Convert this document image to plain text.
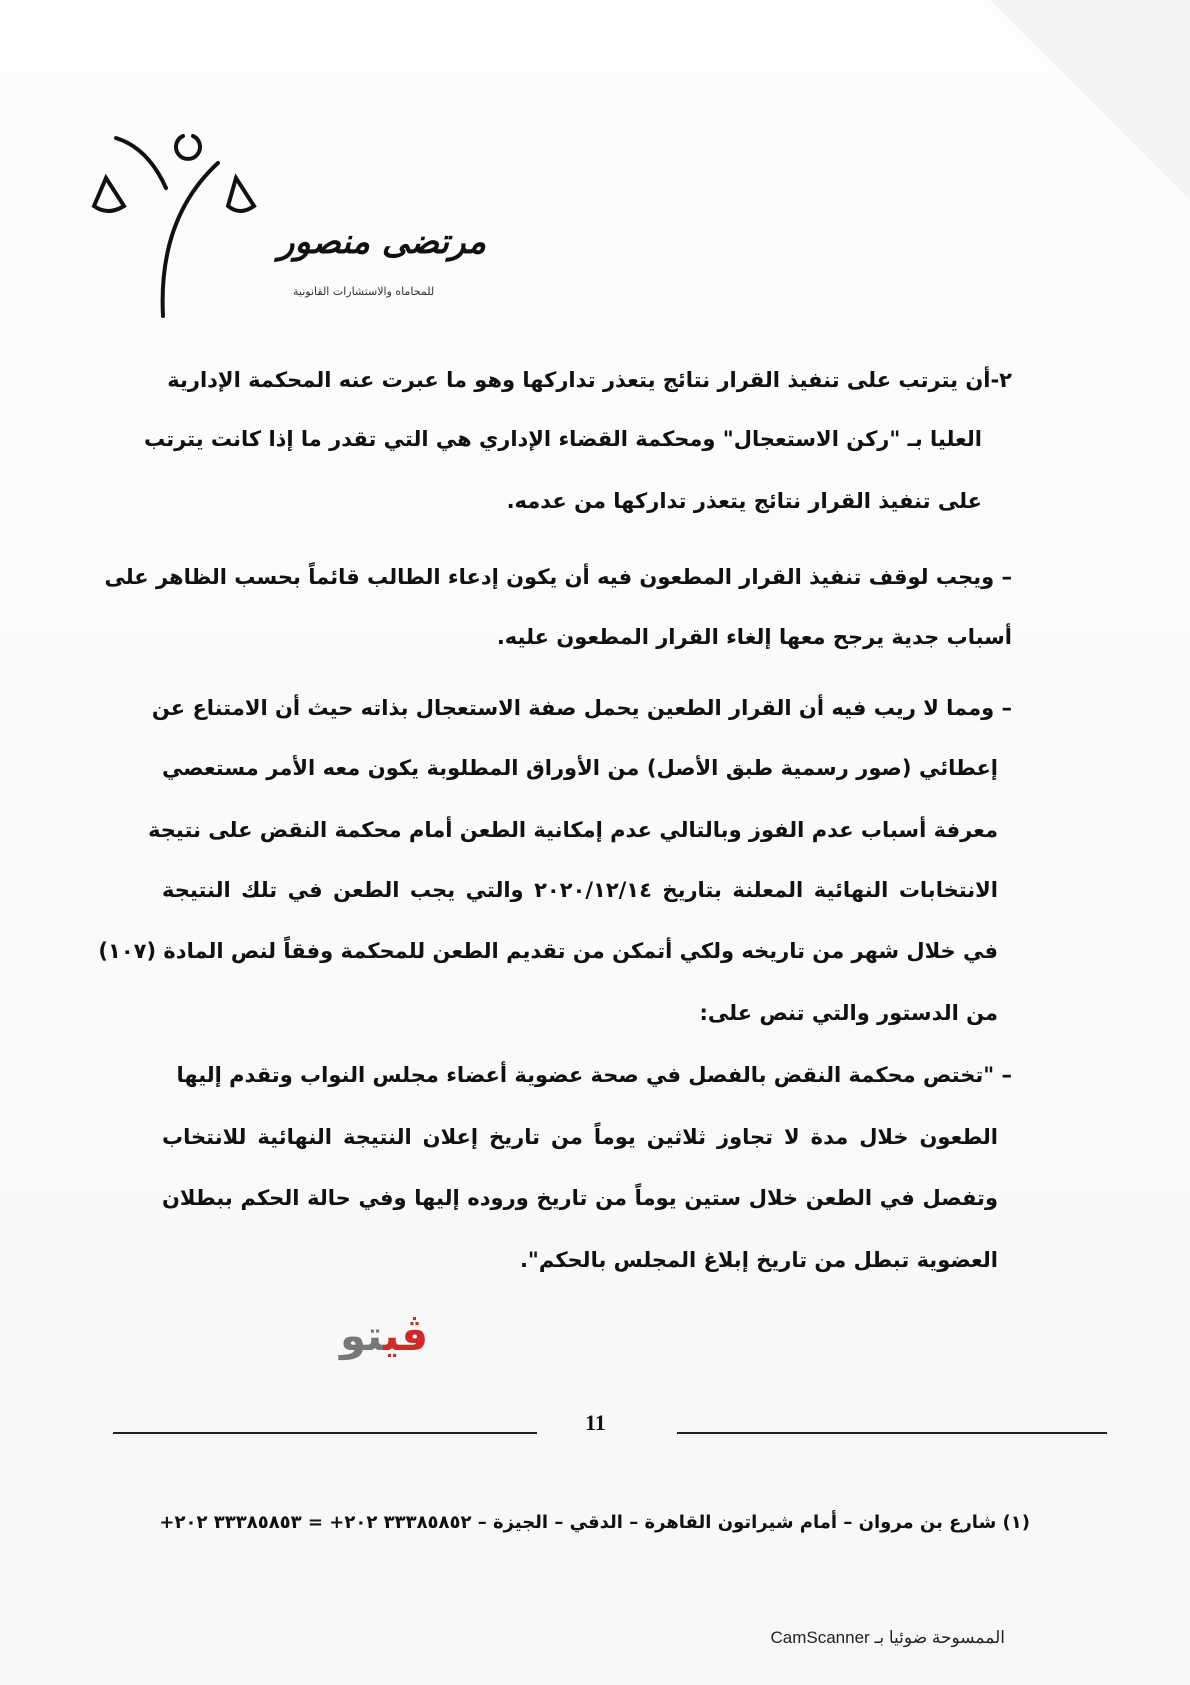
مرتضى منصور
للمحاماه والاستشارات القانونية
٢-أن يترتب على تنفيذ القرار نتائج يتعذر تداركها وهو ما عبرت عنه المحكمة الإدارية
العليا بـ "ركن الاستعجال" ومحكمة القضاء الإداري هي التي تقدر ما إذا كانت يترتب
على تنفيذ القرار نتائج يتعذر تداركها من عدمه.
– ويجب لوقف تنفيذ القرار المطعون فيه أن يكون إدعاء الطالب قائماً بحسب الظاهر على
أسباب جدية يرجح معها إلغاء القرار المطعون عليه.
– ومما لا ريب فيه أن القرار الطعين يحمل صفة الاستعجال بذاته حيث أن الامتناع عن
إعطائي (صور رسمية طبق الأصل) من الأوراق المطلوبة يكون معه الأمر مستعصي
معرفة أسباب عدم الفوز وبالتالي عدم إمكانية الطعن أمام محكمة النقض على نتيجة
الانتخابات النهائية المعلنة بتاريخ ٢٠٢٠/١٢/١٤ والتي يجب الطعن في تلك النتيجة
في خلال شهر من تاريخه ولكي أتمكن من تقديم الطعن للمحكمة وفقاً لنص المادة (١٠٧)
من الدستور والتي تنص على:
– "تختص محكمة النقض بالفصل في صحة عضوية أعضاء مجلس النواب وتقدم إليها
الطعون خلال مدة لا تجاوز ثلاثين يوماً من تاريخ إعلان النتيجة النهائية للانتخاب
وتفصل في الطعن خلال ستين يوماً من تاريخ وروده إليها وفي حالة الحكم ببطلان
العضوية تبطل من تاريخ إبلاغ المجلس بالحكم".
ڤيتو
11
(١) شارع بن مروان – أمام شيراتون القاهرة – الدقي – الجيزة – ٣٣٣٨٥٨٥٢ ٢٠٢+ = ٣٣٣٨٥٨٥٣ ٢٠٢+
الممسوحة ضوئيا بـ CamScanner
